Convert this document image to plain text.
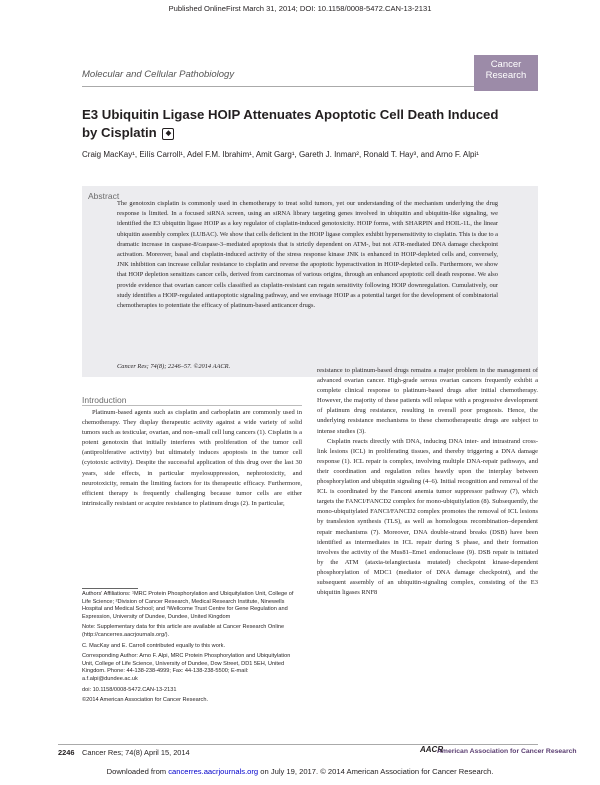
Published OnlineFirst March 31, 2014; DOI: 10.1158/0008-5472.CAN-13-2131
Molecular and Cellular Pathobiology
Cancer
Research
E3 Ubiquitin Ligase HOIP Attenuates Apoptotic Cell Death Induced by Cisplatin ◆
Craig MacKay¹, Eilís Carroll¹, Adel F.M. Ibrahim¹, Amit Garg¹, Gareth J. Inman², Ronald T. Hay³, and Arno F. Alpi¹
Abstract
The genotoxin cisplatin is commonly used in chemotherapy to treat solid tumors, yet our understanding of the mechanism underlying the drug response is limited. In a focused siRNA screen, using an siRNA library targeting genes involved in ubiquitin and ubiquitin-like signaling, we identified the E3 ubiquitin ligase HOIP as a key regulator of cisplatin-induced genotoxicity. HOIP forms, with SHARPIN and HOIL-1L, the linear ubiquitin assembly complex (LUBAC). We show that cells deficient in the HOIP ligase complex exhibit hypersensitivity to cisplatin. This is due to a dramatic increase in caspase-8/caspase-3–mediated apoptosis that is strictly dependent on ATM-, but not ATR-mediated DNA damage checkpoint activation. Moreover, basal and cisplatin-induced activity of the stress response kinase JNK is enhanced in HOIP-depleted cells and, conversely, JNK inhibition can increase cellular resistance to cisplatin and reverse the apoptotic hyperactivation in HOIP-depleted cells. Furthermore, we show that HOIP depletion sensitizes cancer cells, derived from carcinomas of various origins, through an enhanced apoptotic cell death response. We also provide evidence that ovarian cancer cells classified as cisplatin-resistant can regain sensitivity following HOIP downregulation. Cumulatively, our study identifies a HOIP-regulated antiapoptotic signaling pathway, and we envisage HOIP as a potential target for the development of combinatorial chemotherapies to potentiate the efficacy of platinum-based anticancer drugs.
Cancer Res; 74(8); 2246–57. ©2014 AACR.
Introduction

Platinum-based agents such as cisplatin and carboplatin are commonly used in chemotherapy. They display therapeutic activity against a wide variety of solid tumors such as testicular, ovarian, and non–small cell lung cancers (1). Cisplatin is a potent genotoxin that initially interferes with proliferation of the tumor cell (antiproliferative activity) but ultimately induces apoptosis in the tumor cell (cytotoxic activity). Despite the successful application of this drug over the last 30 years, side effects, in particular myelosuppression, nephrotoxicity, and neurotoxicity, remain the limiting factors for its therapeutic efficacy. Furthermore, efficient therapy is frequently challenging because tumor cells are either intrinsically resistant or acquire resistance to platinum drugs (2). In particular,

resistance to platinum-based drugs remains a major problem in the management of advanced ovarian cancer. High-grade serous ovarian cancers frequently exhibit a complete clinical response to platinum-based drugs after initial chemotherapy. However, the majority of these patients will relapse with a progressive development of platinum drug resistance, resulting in overall poor prognosis. Hence, the underlying resistance mechanisms to these chemotherapeutic drugs are subject to intense studies (3).

Cisplatin reacts directly with DNA, inducing DNA inter- and intrastrand cross-link lesions (ICL) in proliferating tissues, and thereby triggering a DNA damage response (1). ICL repair is complex, involving multiple DNA-repair pathways, and their coordination and regulation relies heavily upon the interplay between phosphorylation and ubiquitin signaling (4–6). Initial recognition and removal of the ICL is coordinated by the Fanconi anemia tumor suppressor pathway (7), which targets the FANCI/FANCD2 complex for mono-ubiquitylation (8). Subsequently, the mono-ubiquitylated FANCI/FANCD2 complex promotes the removal of ICL lesions by translesion synthesis (TLS), as well as homologous recombination–dependent repair mechanisms (7). Moreover, DNA double-strand breaks (DSB) have been identified as intermediates in ICL repair during S phase, and their formation involves the activity of the Mus81–Eme1 endonuclease (9). DSB repair is initiated by the ATM (ataxia-telangiectasia mutated) checkpoint kinase-dependent phosphorylation of MDC1 (mediator of DNA damage checkpoint), and the subsequent assembly of an ubiquitin-signaling complex, consisting of the E3 ubiquitin ligases RNF8

Authors' Affiliations: ¹MRC Protein Phosphorylation and Ubiquitylation Unit, College of Life Science; ²Division of Cancer Research, Medical Research Institute, Ninewells Hospital and Medical School; and ³Wellcome Trust Centre for Gene Regulation and Expression, University of Dundee, Dundee, United Kingdom

Note: Supplementary data for this article are available at Cancer Research Online (http://cancerres.aacrjournals.org/).

C. MacKay and E. Carroll contributed equally to this work.

Corresponding Author: Arno F. Alpi, MRC Protein Phosphorylation and Ubiquitylation Unit, College of Life Science, University of Dundee, Dow Street, DD1 5EH, United Kingdom. Phone: 44-138-238-4999; Fax: 44-138-238-5500; E-mail: a.f.alpi@dundee.ac.uk

doi: 10.1158/0008-5472.CAN-13-2131

©2014 American Association for Cancer Research.

2246 Cancer Res; 74(8) April 15, 2014	AACR
American Association for Cancer Research
Downloaded from cancerres.aacrjournals.org on July 19, 2017. © 2014 American Association for Cancer Research.
